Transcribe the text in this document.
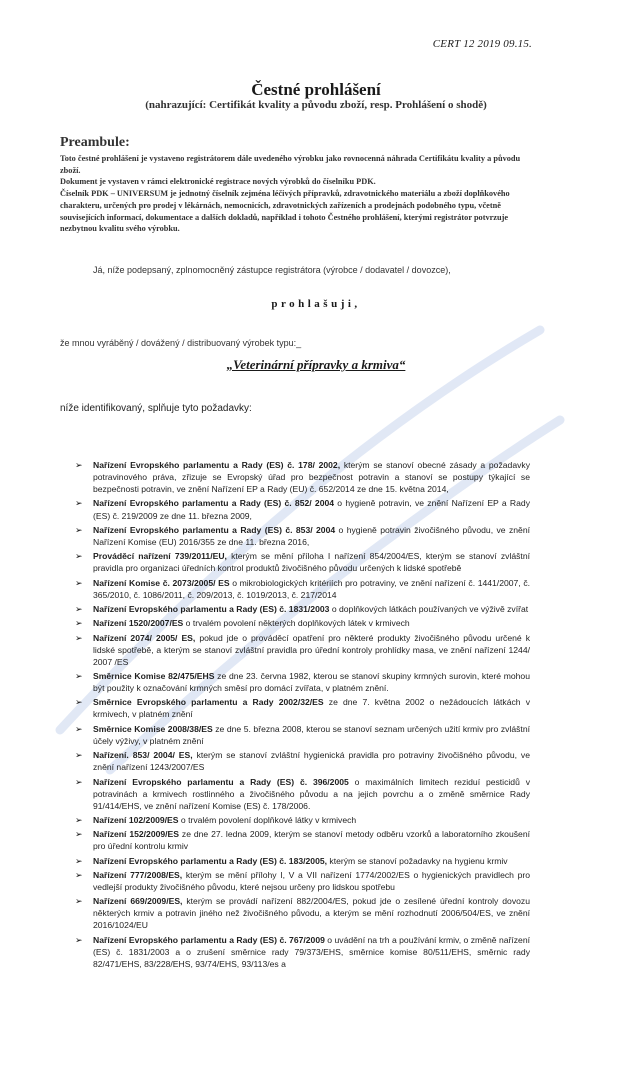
CERT 12 2019 09.15.
Čestné prohlášení
(nahrazující: Certifikát kvality a původu zboží, resp. Prohlášení o shodě)
Preambule:

Toto čestné prohlášení je vystaveno registrátorem dále uvedeného výrobku jako rovnocenná náhrada Certifikátu kvality a původu zboží.

Dokument je vystaven v rámci elektronické registrace nových výrobků do číselníku PDK.

Číselník PDK – UNIVERSUM je jednotný číselník zejména léčivých přípravků, zdravotnického materiálu a zboží doplňkového charakteru, určených pro prodej v lékárnách, nemocnicích, zdravotnických zařízeních a prodejnách podobného typu, včetně souvisejících informací, dokumentace a dalších dokladů, například i tohoto Čestného prohlášení, kterými registrátor potvrzuje nezbytnou kvalitu svého výrobku.

Já, níže podepsaný, zplnomocněný zástupce registrátora (výrobce / dodavatel / dovozce),
prohlašuji,
že mnou vyráběný / dovážený / distribuovaný výrobek typu:_
„Veterinární přípravky a krmiva“
níže identifikovaný, splňuje tyto požadavky:
➢ Nařízení Evropského parlamentu a Rady (ES) č. 178/ 2002, kterým se stanoví obecné zásady a požadavky potravinového práva, zřizuje se Evropský úřad pro bezpečnost potravin a stanoví se postupy týkající se bezpečnosti potravin, ve znění Nařízení EP a Rady (EU) č. 652/2014 ze dne 15. května 2014,
➢ Nařízení Evropského parlamentu a Rady (ES) č. 852/ 2004 o hygieně potravin, ve znění Nařízení EP a Rady (ES) č. 219/2009 ze dne 11. března 2009,
➢ Nařízení Evropského parlamentu a Rady (ES) č. 853/ 2004 o hygieně potravin živočišného původu, ve znění Nařízení Komise (EU) 2016/355 ze dne 11. března 2016,
➢ Prováděcí nařízení 739/2011/EU, kterým se mění příloha I nařízení 854/2004/ES, kterým se stanoví zvláštní pravidla pro organizaci úředních kontrol produktů živočišného původu určených k lidské spotřebě
➢ Nařízení Komise č. 2073/2005/ ES o mikrobiologických kritériích pro potraviny, ve znění nařízení č. 1441/2007, č. 365/2010, č. 1086/2011, č. 209/2013, č. 1019/2013, č. 217/2014
➢ Nařízení Evropského parlamentu a Rady (ES) č. 1831/2003 o doplňkových látkách používaných ve výživě zvířat
➢ Nařízení 1520/2007/ES o trvalém povolení některých doplňkových látek v krmivech
➢ Nařízení 2074/ 2005/ ES, pokud jde o prováděcí opatření pro některé produkty živočišného původu určené k lidské spotřebě, a kterým se stanoví zvláštní pravidla pro úřední kontroly prohlídky masa, ve znění nařízení 1244/ 2007 /ES
➢ Směrnice Komise 82/475/EHS ze dne 23. června 1982, kterou se stanoví skupiny krmných surovin, které mohou být použity k označování krmných směsí pro domácí zvířata, v platném znění.
➢ Směrnice Evropského parlamentu a Rady 2002/32/ES ze dne 7. května 2002 o nežádoucích látkách v krmivech, v platném znění
➢ Směrnice Komise 2008/38/ES ze dne 5. března 2008, kterou se stanoví seznam určených užití krmiv pro zvláštní účely výživy, v platném znění
➢ Nařízení. 853/ 2004/ ES, kterým se stanoví zvláštní hygienická pravidla pro potraviny živočišného původu, ve znění nařízení 1243/2007/ES
➢ Nařízení Evropského parlamentu a Rady (ES) č. 396/2005 o maximálních limitech reziduí pesticidů v potravinách a krmivech rostlinného a živočišného původu a na jejich povrchu a o změně směrnice Rady 91/414/EHS, ve znění nařízení Komise (ES) č. 178/2006.
➢ Nařízení 102/2009/ES o trvalém povolení doplňkové látky v krmivech
➢ Nařízení 152/2009/ES ze dne 27. ledna 2009, kterým se stanoví metody odběru vzorků a laboratorního zkoušení pro úřední kontrolu krmiv
➢ Nařízení Evropského parlamentu a Rady (ES) č. 183/2005, kterým se stanoví požadavky na hygienu krmiv
➢ Nařízení 777/2008/ES, kterým se mění přílohy I, V a VII nařízení 1774/2002/ES o hygienických pravidlech pro vedlejší produkty živočišného původu, které nejsou určeny pro lidskou spotřebu
➢ Nařízení 669/2009/ES, kterým se provádí nařízení 882/2004/ES, pokud jde o zesílené úřední kontroly dovozu některých krmiv a potravin jiného než živočišného původu, a kterým se mění rozhodnutí 2006/504/ES, ve znění 2016/1024/EU
➢ Nařízení Evropského parlamentu a Rady (ES) č. 767/2009 o uvádění na trh a používání krmiv, o změně nařízení (ES) č. 1831/2003 a o zrušení směrnice rady 79/373/EHS, směrnice komise 80/511/EHS, směrnic rady 82/471/EHS, 83/228/EHS, 93/74/EHS, 93/113/es a
